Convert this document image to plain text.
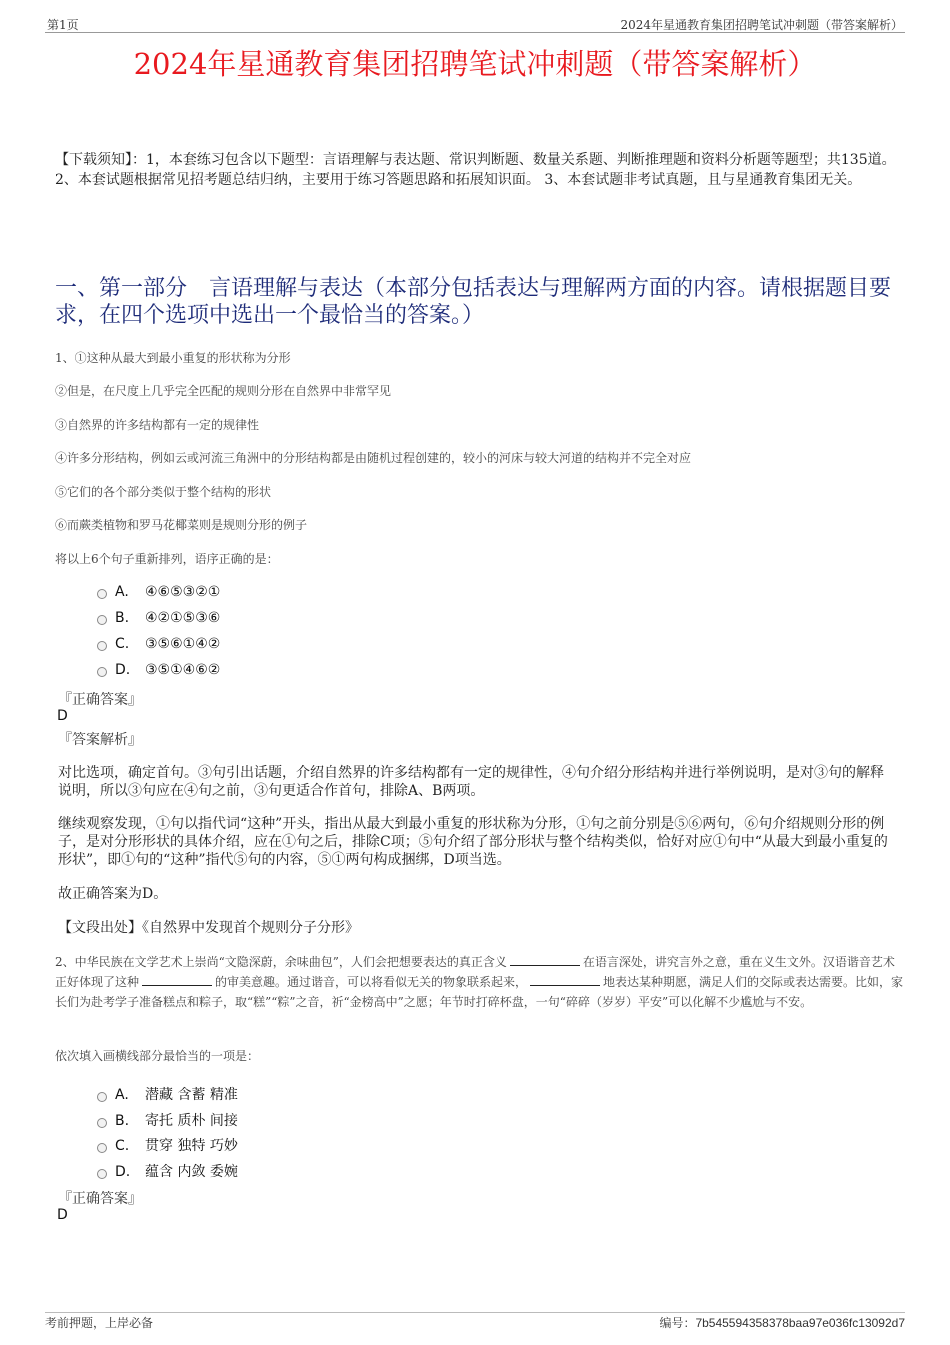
第1页	2024年星通教育集团招聘笔试冲刺题（带答案解析）
2024年星通教育集团招聘笔试冲刺题（带答案解析）
【下载须知】：1，本套练习包含以下题型：言语理解与表达题、常识判断题、数量关系题、判断推理题和资料分析题等题型；共135道。2、本套试题根据常见招考题总结归纳，主要用于练习答题思路和拓展知识面。 3、本套试题非考试真题，且与星通教育集团无关。
一、第一部分　言语理解与表达（本部分包括表达与理解两方面的内容。请根据题目要求，在四个选项中选出一个最恰当的答案。）
1、①这种从最大到最小重复的形状称为分形
②但是，在尺度上几乎完全匹配的规则分形在自然界中非常罕见
③自然界的许多结构都有一定的规律性
④许多分形结构，例如云或河流三角洲中的分形结构都是由随机过程创建的，较小的河床与较大河道的结构并不完全对应
⑤它们的各个部分类似于整个结构的形状
⑥而蕨类植物和罗马花椰菜则是规则分形的例子
将以上6个句子重新排列，语序正确的是：
A. ④⑥⑤③②①
B. ④②①⑤③⑥
C. ③⑤⑥①④②
D. ③⑤①④⑥②
『正确答案』
D
『答案解析』
对比选项，确定首句。③句引出话题，介绍自然界的许多结构都有一定的规律性，④句介绍分形结构并进行举例说明，是对③句的解释说明，所以③句应在④句之前，③句更适合作首句，排除A、B两项。
继续观察发现，①句以指代词“这种”开头，指出从最大到最小重复的形状称为分形，①句之前分别是⑤⑥两句，⑥句介绍规则分形的例子，是对分形形状的具体介绍，应在①句之后，排除C项；⑤句介绍了部分形状与整个结构类似，恰好对应①句中“从最大到最小重复的形状”，即①句的“这种”指代⑤句的内容，⑤①两句构成捆绑，D项当选。
故正确答案为D。
【文段出处】《自然界中发现首个规则分子分形》
2、中华民族在文学艺术上崇尚“文隐深蔚，余味曲包”，人们会把想要表达的真正含义	在语言深处，讲究言外之意，重在义生文外。汉语谐音艺术正好体现了这种	的审美意趣。通过谐音，可以将看似无关的物象联系起来，	地表达某种期愿，满足人们的交际或表达需要。比如，家长们为赴考学子准备糕点和粽子，取“糕”“粽”之音，祈“金榜高中”之愿；年节时打碎杯盘，一句“碎碎（岁岁）平安”可以化解不少尴尬与不安。
依次填入画横线部分最恰当的一项是：
A. 潜藏 含蓄 精准
B. 寄托 质朴 间接
C. 贯穿 独特 巧妙
D. 蕴含 内敛 委婉
『正确答案』
D
考前押题，上岸必备	编号：7b545594358378baa97e036fc13092d7
